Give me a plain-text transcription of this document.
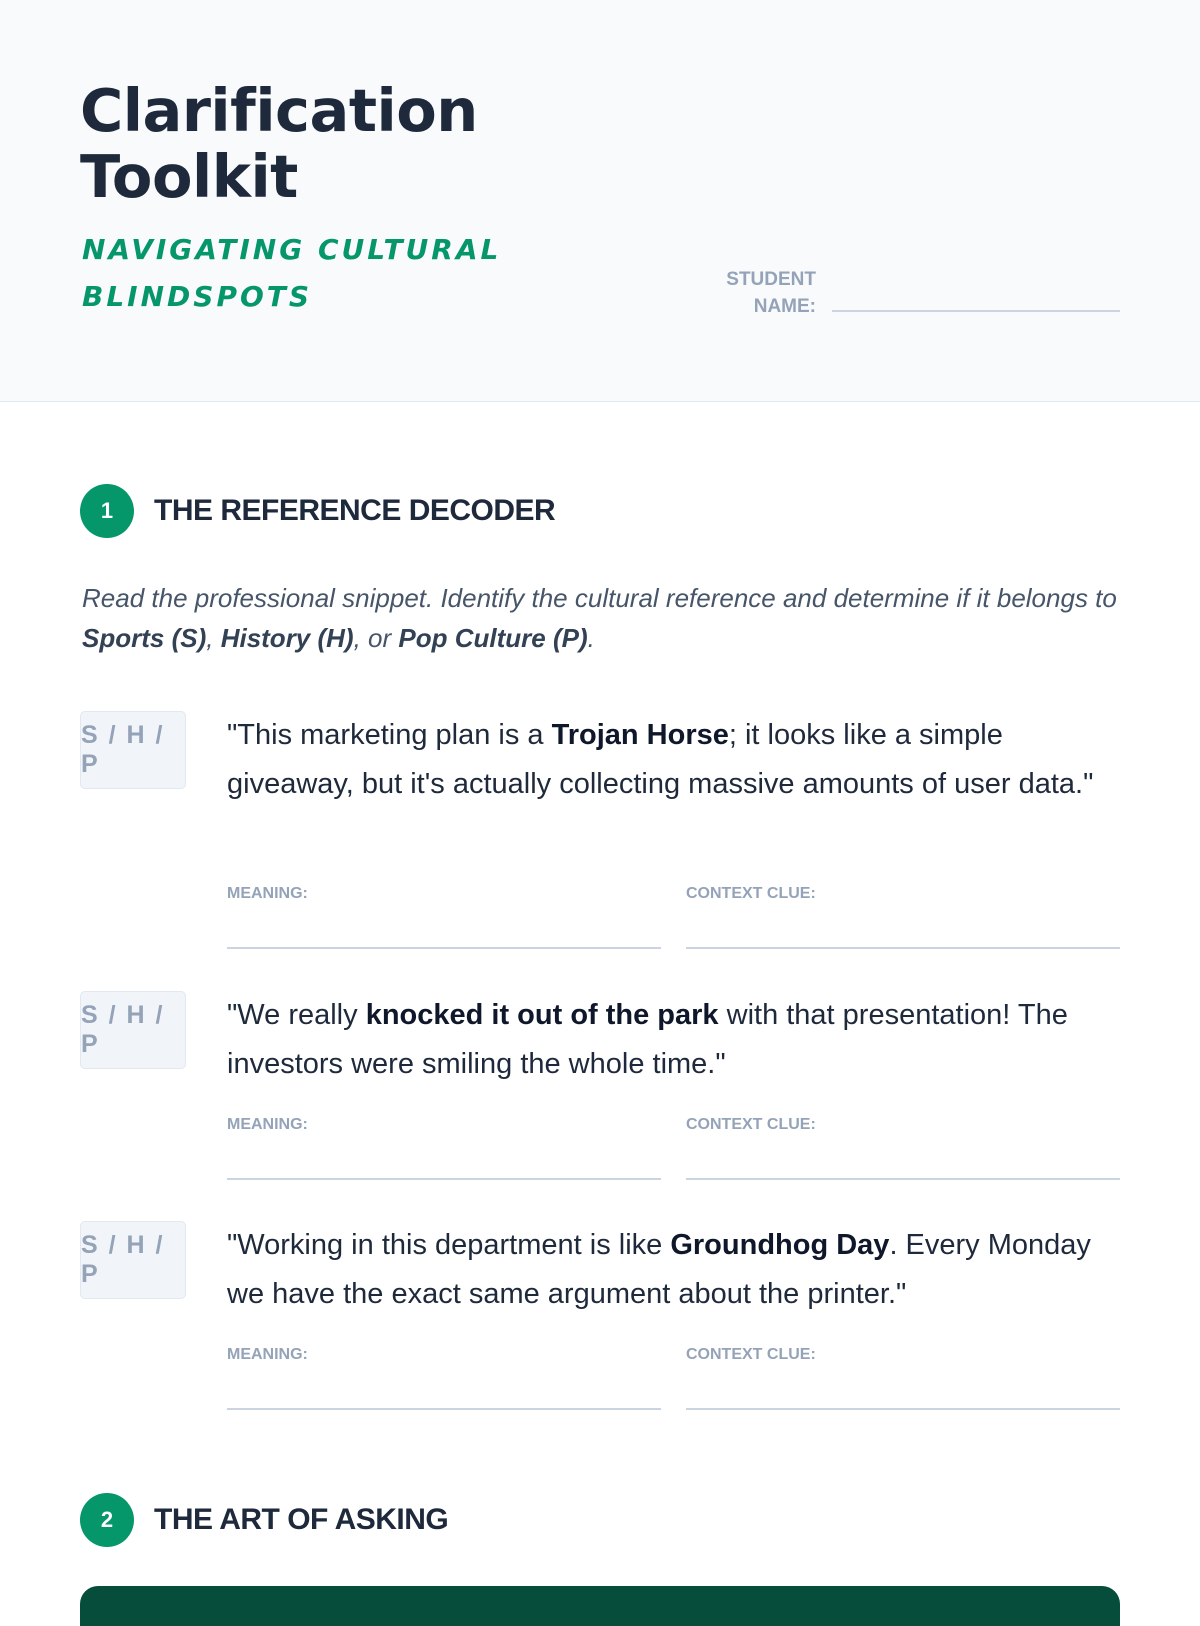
Clarification
Toolkit

NAVIGATING CULTURAL
BLINDSPOTS

STUDENT
NAME:
1	THE REFERENCE DECODER

Read the professional snippet. Identify the cultural reference and determine if it belongs to Sports (S), History (H), or Pop Culture (P).

S / H / P

"This marketing plan is a Trojan Horse; it looks like a simple giveaway, but it's actually collecting massive amounts of user data."

MEANING:	CONTEXT CLUE:
S / H / P

"We really knocked it out of the park with that presentation! The investors were smiling the whole time."

MEANING:	CONTEXT CLUE:
S / H / P

"Working in this department is like Groundhog Day. Every Monday we have the exact same argument about the printer."

MEANING:	CONTEXT CLUE:
2	THE ART OF ASKING
